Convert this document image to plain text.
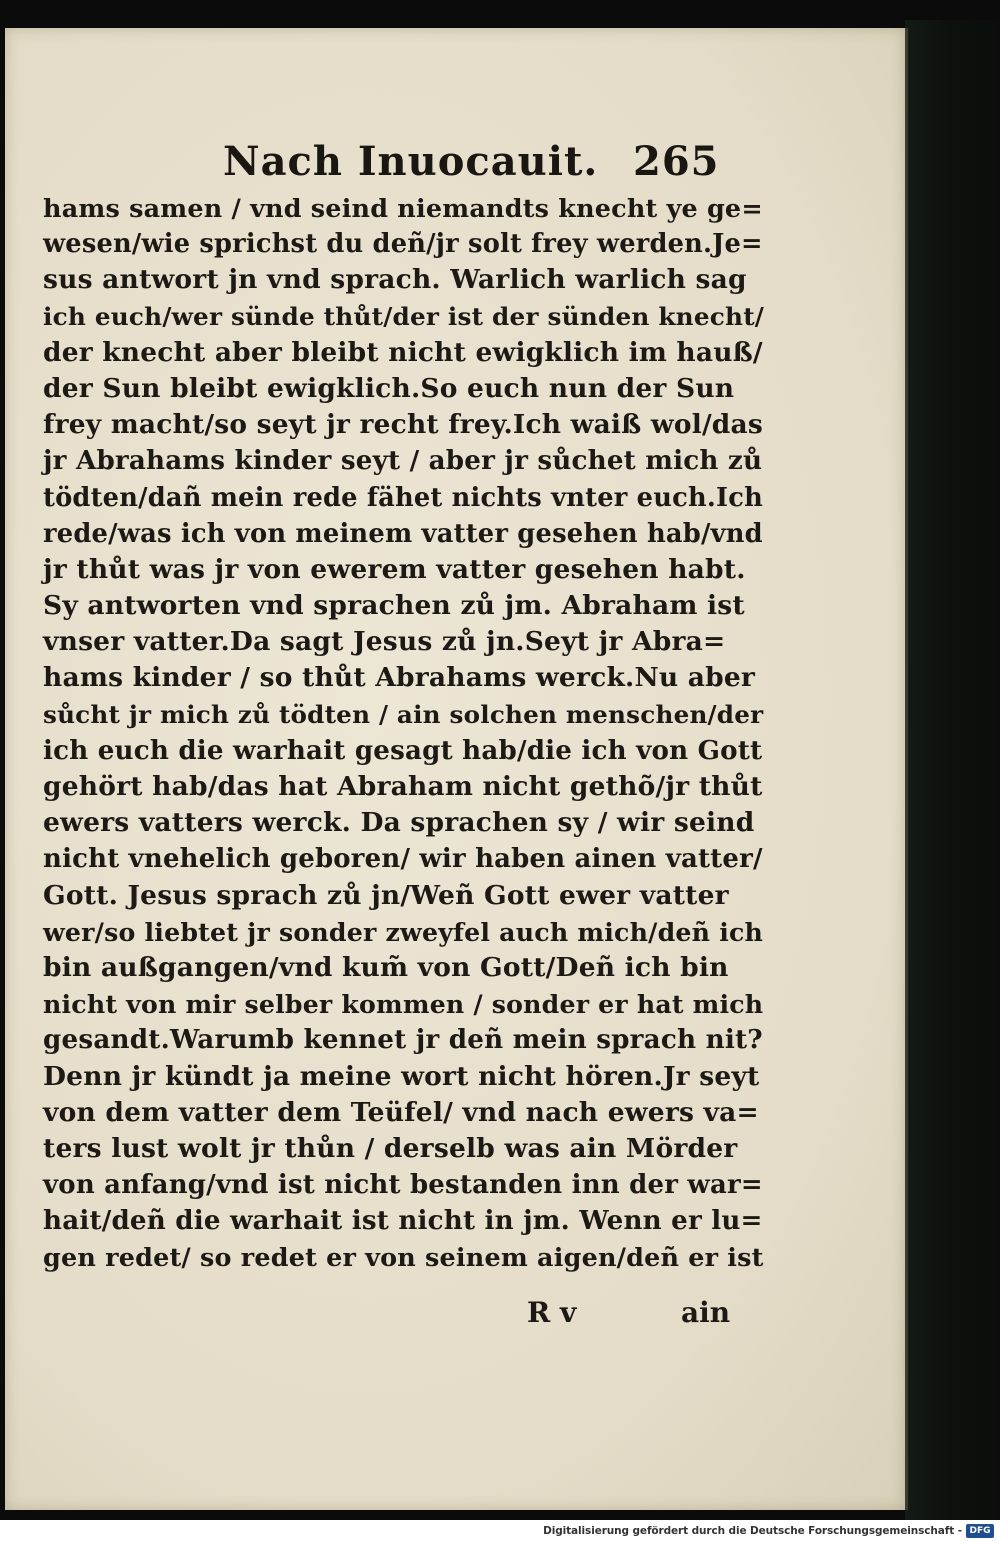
Nach Inuocauit. 265
hams samen / vnd seind niemandts knecht ye ge=
wesen/wie sprichst du deñ/jr solt frey werden.Je=
sus antwort jn vnd sprach. Warlich warlich sag
ich euch/wer sünde thůt/der ist der sünden knecht/
der knecht aber bleibt nicht ewigklich im hauß/
der Sun bleibt ewigklich.So euch nun der Sun
frey macht/so seyt jr recht frey.Ich waiß wol/das
jr Abrahams kinder seyt / aber jr sůchet mich zů
tödten/dañ mein rede fähet nichts vnter euch.Ich
rede/was ich von meinem vatter gesehen hab/vnd
jr thůt was jr von ewerem vatter gesehen habt.
Sy antworten vnd sprachen zů jm. Abraham ist
vnser vatter.Da sagt Jesus zů jn.Seyt jr Abra=
hams kinder / so thůt Abrahams werck.Nu aber
sůcht jr mich zů tödten / ain solchen menschen/der
ich euch die warhait gesagt hab/die ich von Gott
gehört hab/das hat Abraham nicht gethõ/jr thůt
ewers vatters werck. Da sprachen sy / wir seind
nicht vnehelich geboren/ wir haben ainen vatter/
Gott. Jesus sprach zů jn/Weñ Gott ewer vatter
wer/so liebtet jr sonder zweyfel auch mich/deñ ich
bin außgangen/vnd kum̃ von Gott/Deñ ich bin
nicht von mir selber kommen / sonder er hat mich
gesandt.Warumb kennet jr deñ mein sprach nit?
Denn jr kündt ja meine wort nicht hören.Jr seyt
von dem vatter dem Teüfel/ vnd nach ewers va=
ters lust wolt jr thůn / derselb was ain Mörder
von anfang/vnd ist nicht bestanden inn der war=
hait/deñ die warhait ist nicht in jm. Wenn er lu=
gen redet/ so redet er von seinem aigen/deñ er ist
R v	ain
Digitalisierung gefördert durch die Deutsche Forschungsgemeinschaft - DFG
